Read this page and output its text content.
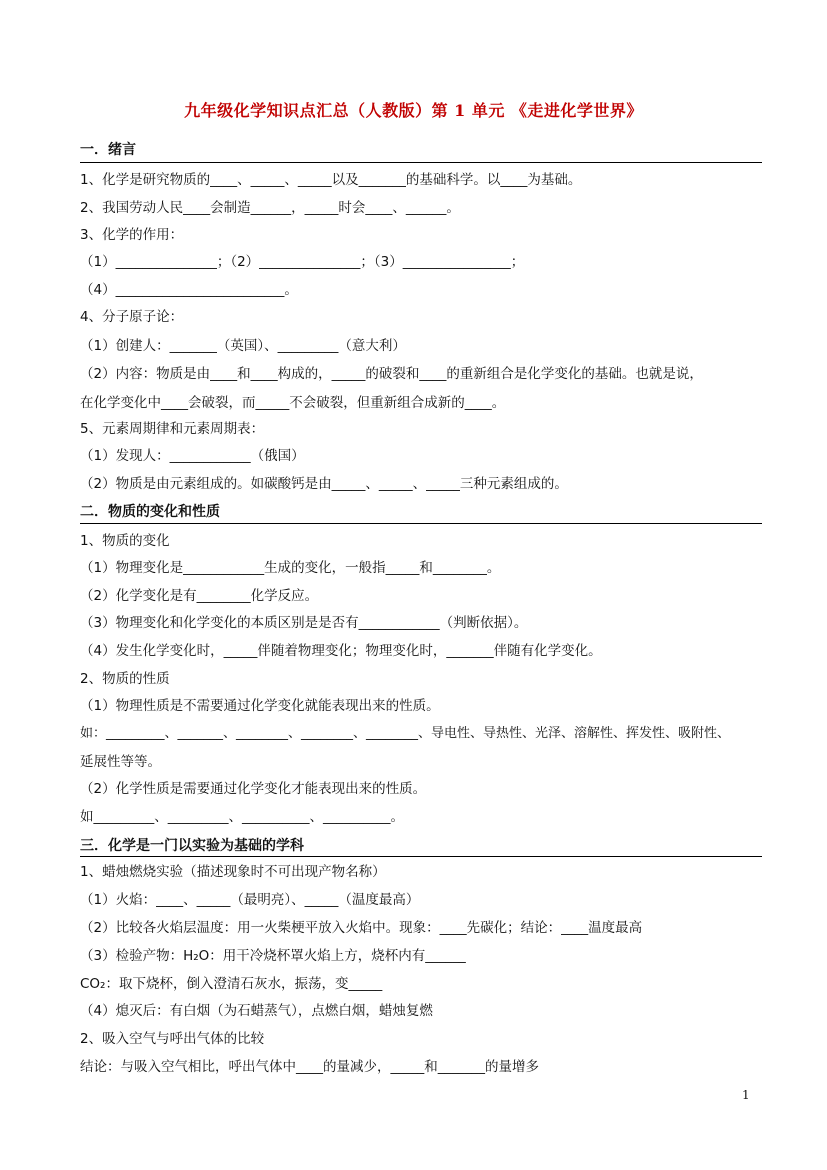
九年级化学知识点汇总（人教版）第 1 单元 《走进化学世界》
一．绪言
1、化学是研究物质的____、_____、_____以及_______的基础科学。以____为基础。
2、我国劳动人民____会制造______，_____时会____、______。
3、化学的作用：
（1）_______________；（2）_______________；（3）________________；
（4）_________________________。
4、分子原子论：
（1）创建人：_______（英国）、_________（意大利）
（2）内容：物质是由____和____构成的，_____的破裂和____的重新组合是化学变化的基础。也就是说，
在化学变化中____会破裂，而_____不会破裂，但重新组合成新的____。
5、元素周期律和元素周期表：
（1）发现人：____________（俄国）
（2）物质是由元素组成的。如碳酸钙是由_____、_____、_____三种元素组成的。
二．物质的变化和性质
1、物质的变化
（1）物理变化是____________生成的变化，一般指_____和________。
（2）化学变化是有________化学反应。
（3）物理变化和化学变化的本质区别是是否有____________（判断依据）。
（4）发生化学变化时，_____伴随着物理变化；物理变化时，_______伴随有化学变化。
2、物质的性质
（1）物理性质是不需要通过化学变化就能表现出来的性质。
如：_________、_______、________、________、________、导电性、导热性、光泽、溶解性、挥发性、吸附性、
延展性等等。
（2）化学性质是需要通过化学变化才能表现出来的性质。
如_________、_________、__________、__________。
三．化学是一门以实验为基础的学科
1、蜡烛燃烧实验（描述现象时不可出现产物名称）
（1）火焰：____、_____（最明亮）、_____（温度最高）
（2）比较各火焰层温度：用一火柴梗平放入火焰中。现象：____先碳化；结论：____温度最高
（3）检验产物：H₂O：用干冷烧杯罩火焰上方，烧杯内有______
CO₂：取下烧杯，倒入澄清石灰水，振荡，变_____
（4）熄灭后：有白烟（为石蜡蒸气），点燃白烟，蜡烛复燃
2、吸入空气与呼出气体的比较
结论：与吸入空气相比，呼出气体中____的量减少，_____和_______的量增多
1
